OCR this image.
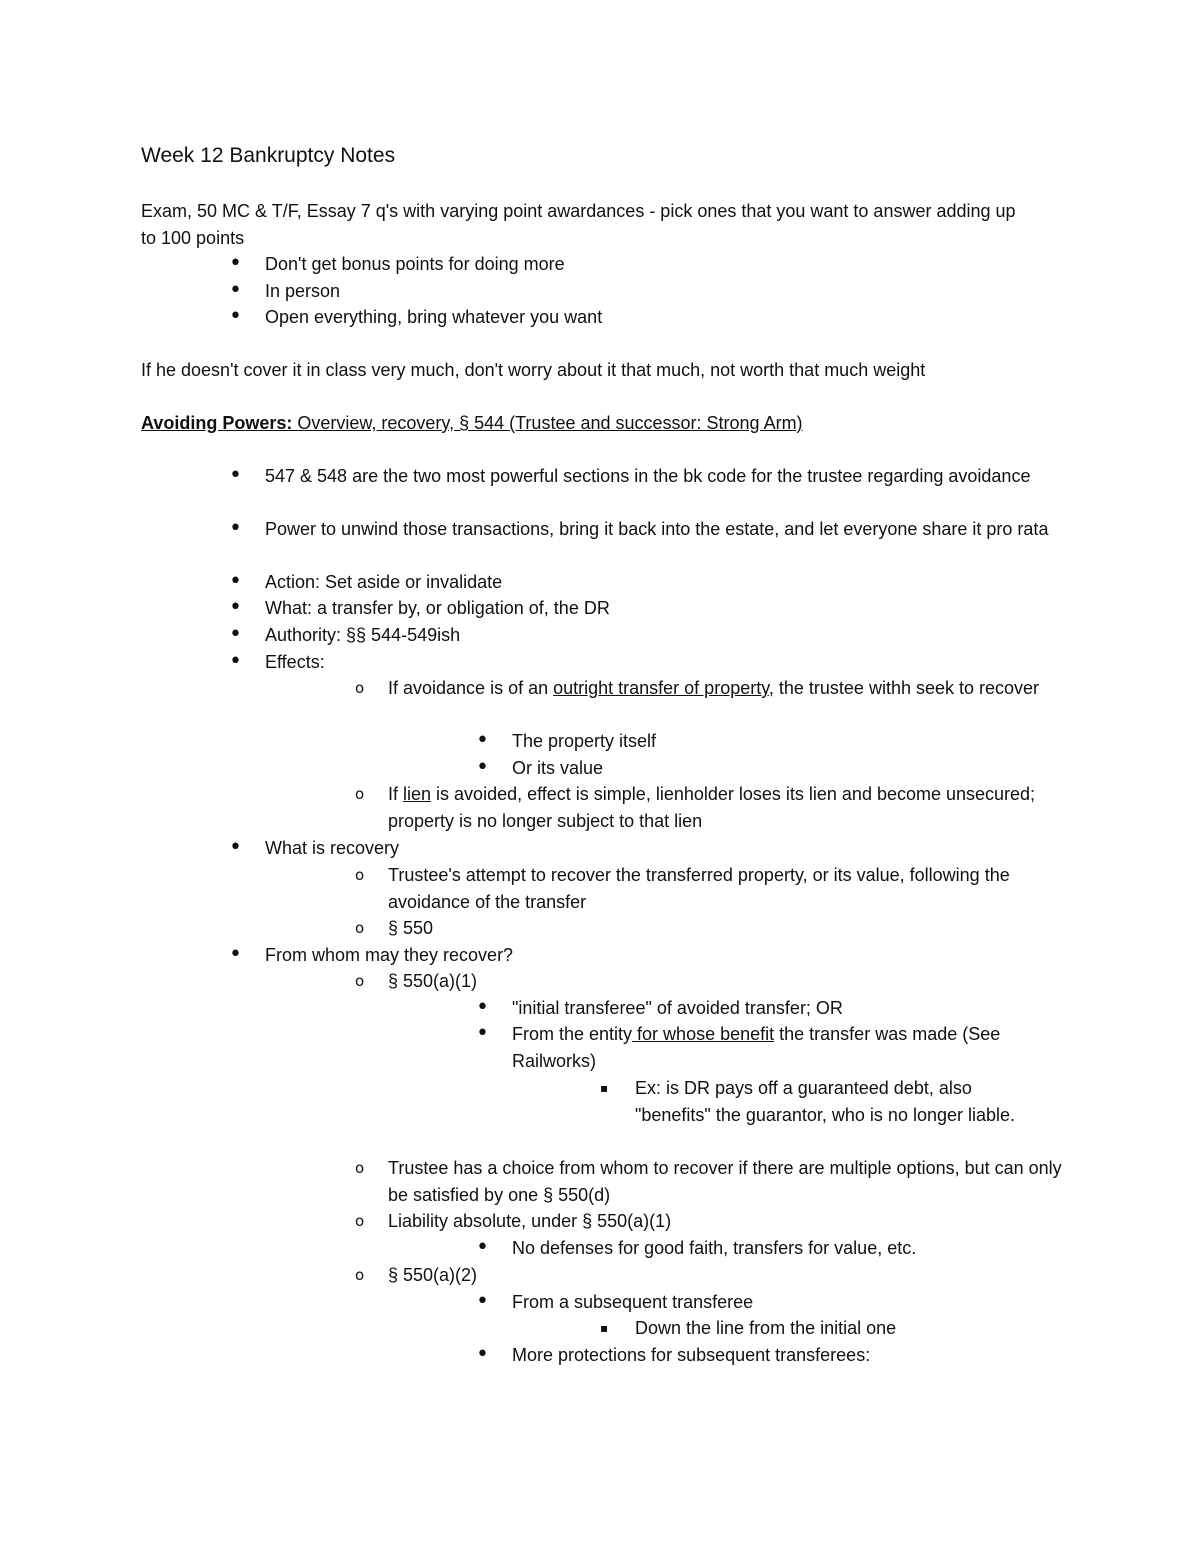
Week 12 Bankruptcy Notes

Exam, 50 MC & T/F, Essay 7 q's with varying point awardances - pick ones that you want to answer adding up to 100 points

• Don't get bonus points for doing more
• In person
• Open everything, bring whatever you want

If he doesn't cover it in class very much, don't worry about it that much, not worth that much weight

Avoiding Powers: Overview, recovery, § 544 (Trustee and successor: Strong Arm)

• 547 & 548 are the two most powerful sections in the bk code for the trustee regarding avoidance
• Power to unwind those transactions, bring it back into the estate, and let everyone share it pro rata
• Action: Set aside or invalidate
• What: a transfer by, or obligation of, the DR
• Authority: §§ 544-549ish
• Effects:
o If avoidance is of an outright transfer of property, the trustee withh seek to recover
• The property itself
• Or its value
o If lien is avoided, effect is simple, lienholder loses its lien and become unsecured; property is no longer subject to that lien
• What is recovery
o Trustee's attempt to recover the transferred property, or its value, following the avoidance of the transfer
o § 550
• From whom may they recover?
o § 550(a)(1)
• "initial transferee" of avoided transfer; OR
• From the entity for whose benefit the transfer was made (See Railworks)
▪ Ex: is DR pays off a guaranteed debt, also "benefits" the guarantor, who is no longer liable.
o Trustee has a choice from whom to recover if there are multiple options, but can only be satisfied by one § 550(d)
o Liability absolute, under § 550(a)(1)
• No defenses for good faith, transfers for value, etc.
o § 550(a)(2)
• From a subsequent transferee
▪ Down the line from the initial one
• More protections for subsequent transferees:
